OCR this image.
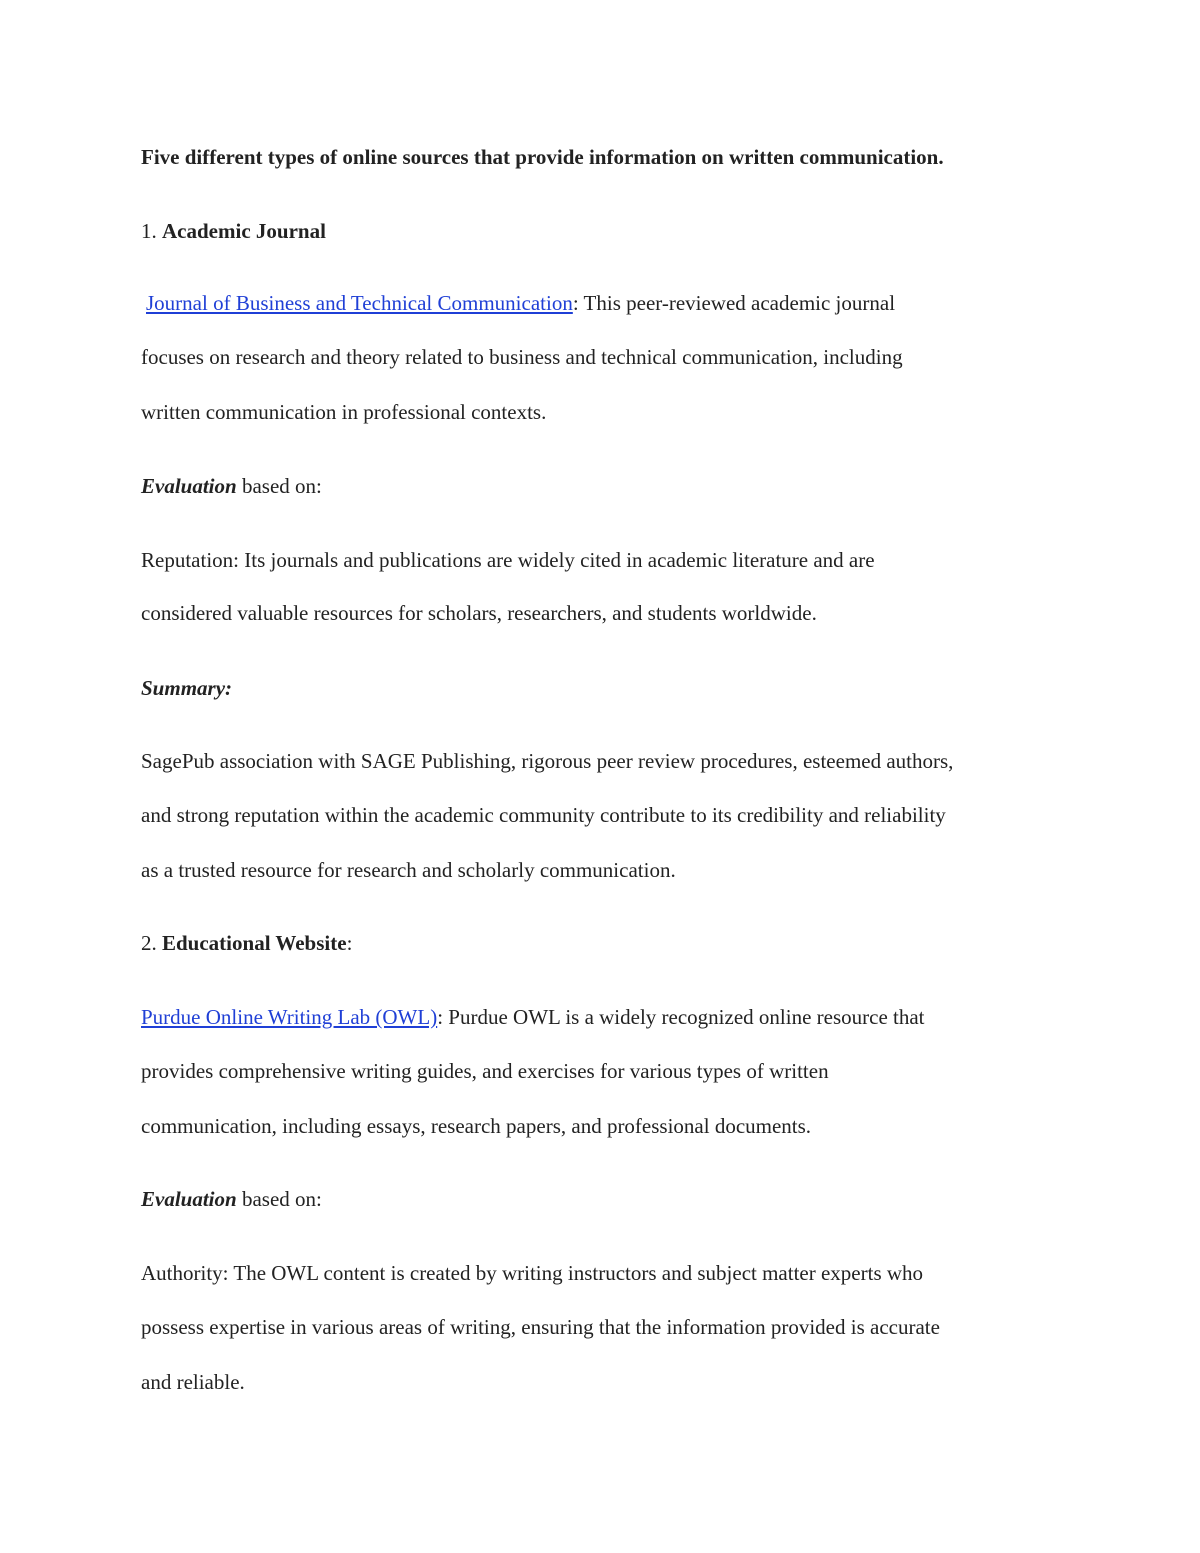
Five different types of online sources that provide information on written communication.
1. Academic Journal
Journal of Business and Technical Communication: This peer-reviewed academic journal
focuses on research and theory related to business and technical communication, including
written communication in professional contexts.
Evaluation based on:
Reputation: Its journals and publications are widely cited in academic literature and are
considered valuable resources for scholars, researchers, and students worldwide.
Summary:
SagePub association with SAGE Publishing, rigorous peer review procedures, esteemed authors,
and strong reputation within the academic community contribute to its credibility and reliability
as a trusted resource for research and scholarly communication.
2. Educational Website:
Purdue Online Writing Lab (OWL): Purdue OWL is a widely recognized online resource that
provides comprehensive writing guides, and exercises for various types of written
communication, including essays, research papers, and professional documents.
Evaluation based on:
Authority: The OWL content is created by writing instructors and subject matter experts who
possess expertise in various areas of writing, ensuring that the information provided is accurate
and reliable.
